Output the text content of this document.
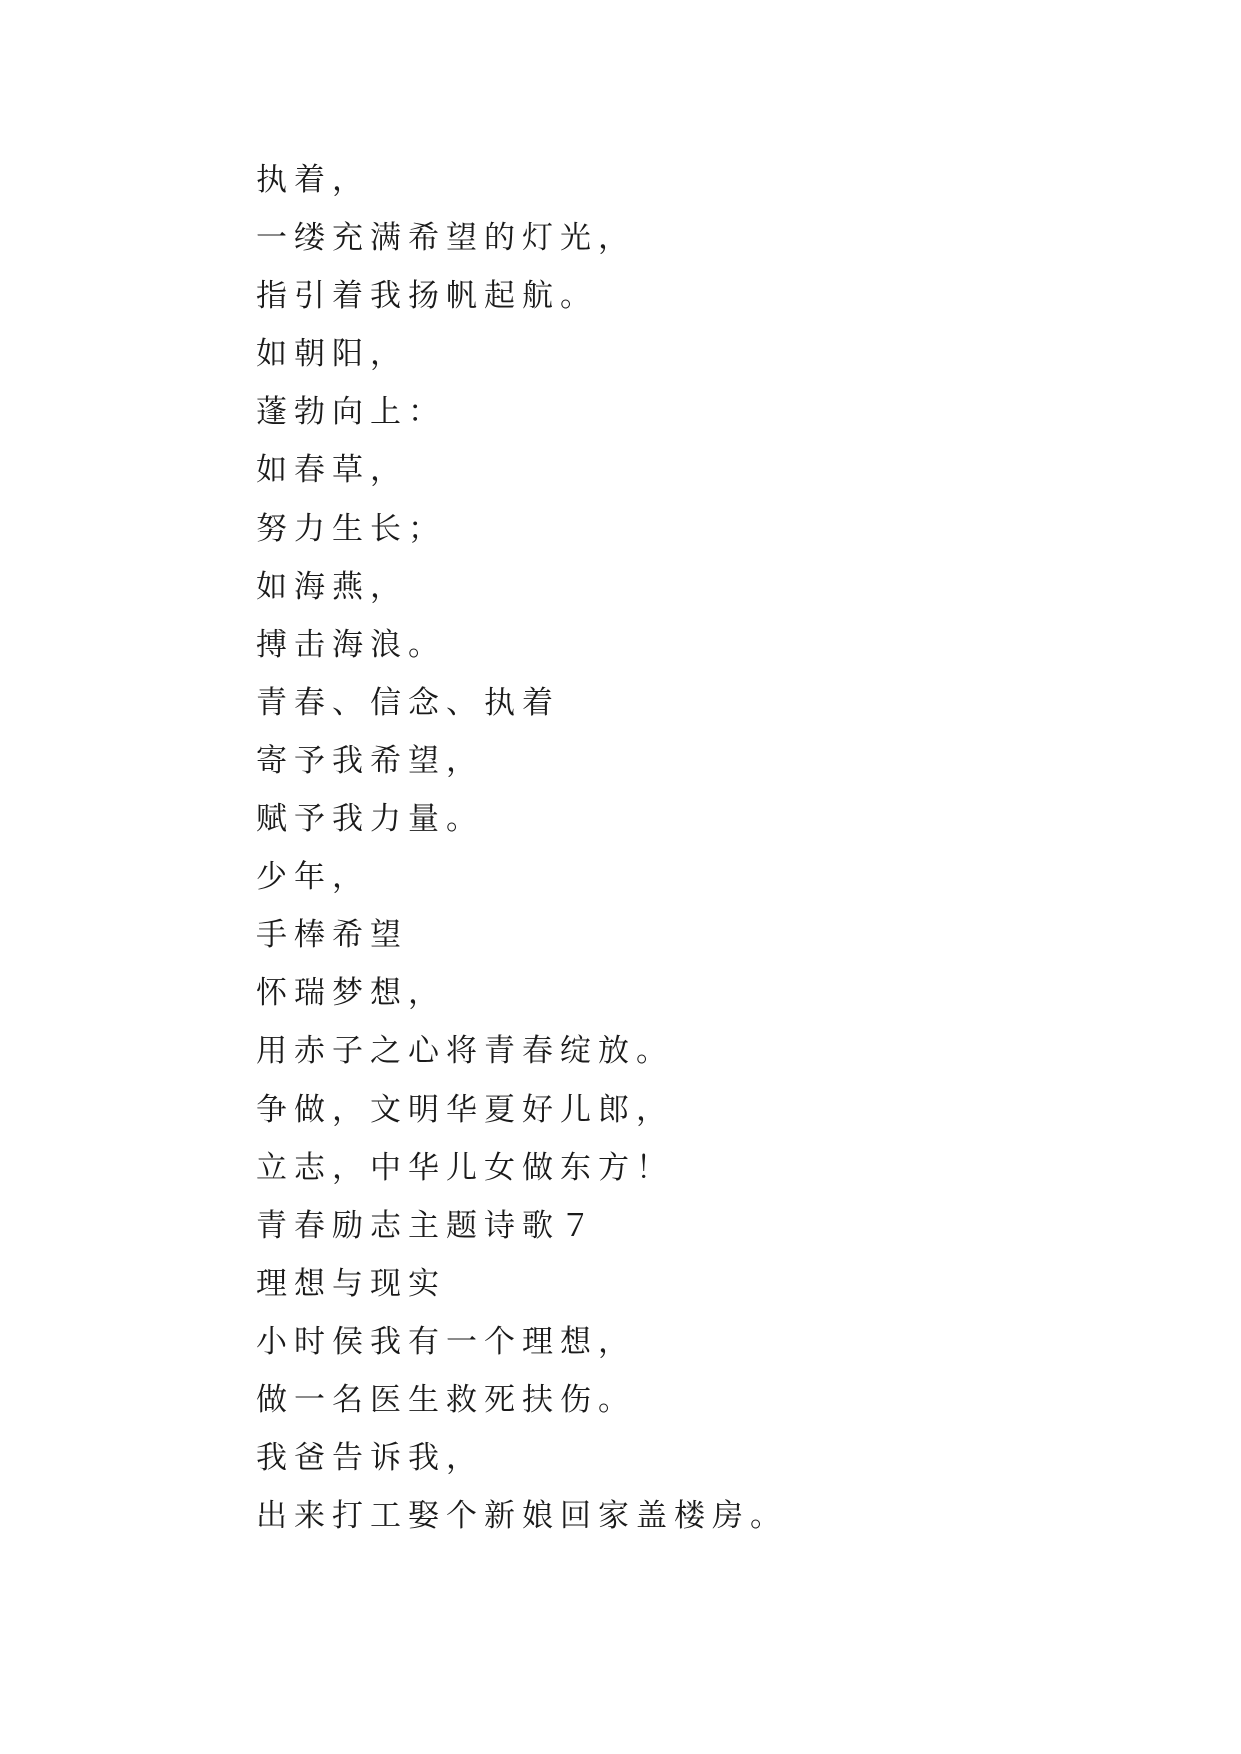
执着，
一缕充满希望的灯光，
指引着我扬帆起航。
如朝阳，
蓬勃向上：
如春草，
努力生长；
如海燕，
搏击海浪。
青春、信念、执着
寄予我希望，
赋予我力量。
少年，
手棒希望
怀瑞梦想，
用赤子之心将青春绽放。
争做，文明华夏好儿郎，
立志，中华儿女做东方！
青春励志主题诗歌７
理想与现实
小时侯我有一个理想，
做一名医生救死扶伤。
我爸告诉我，
出来打工娶个新娘回家盖楼房。
